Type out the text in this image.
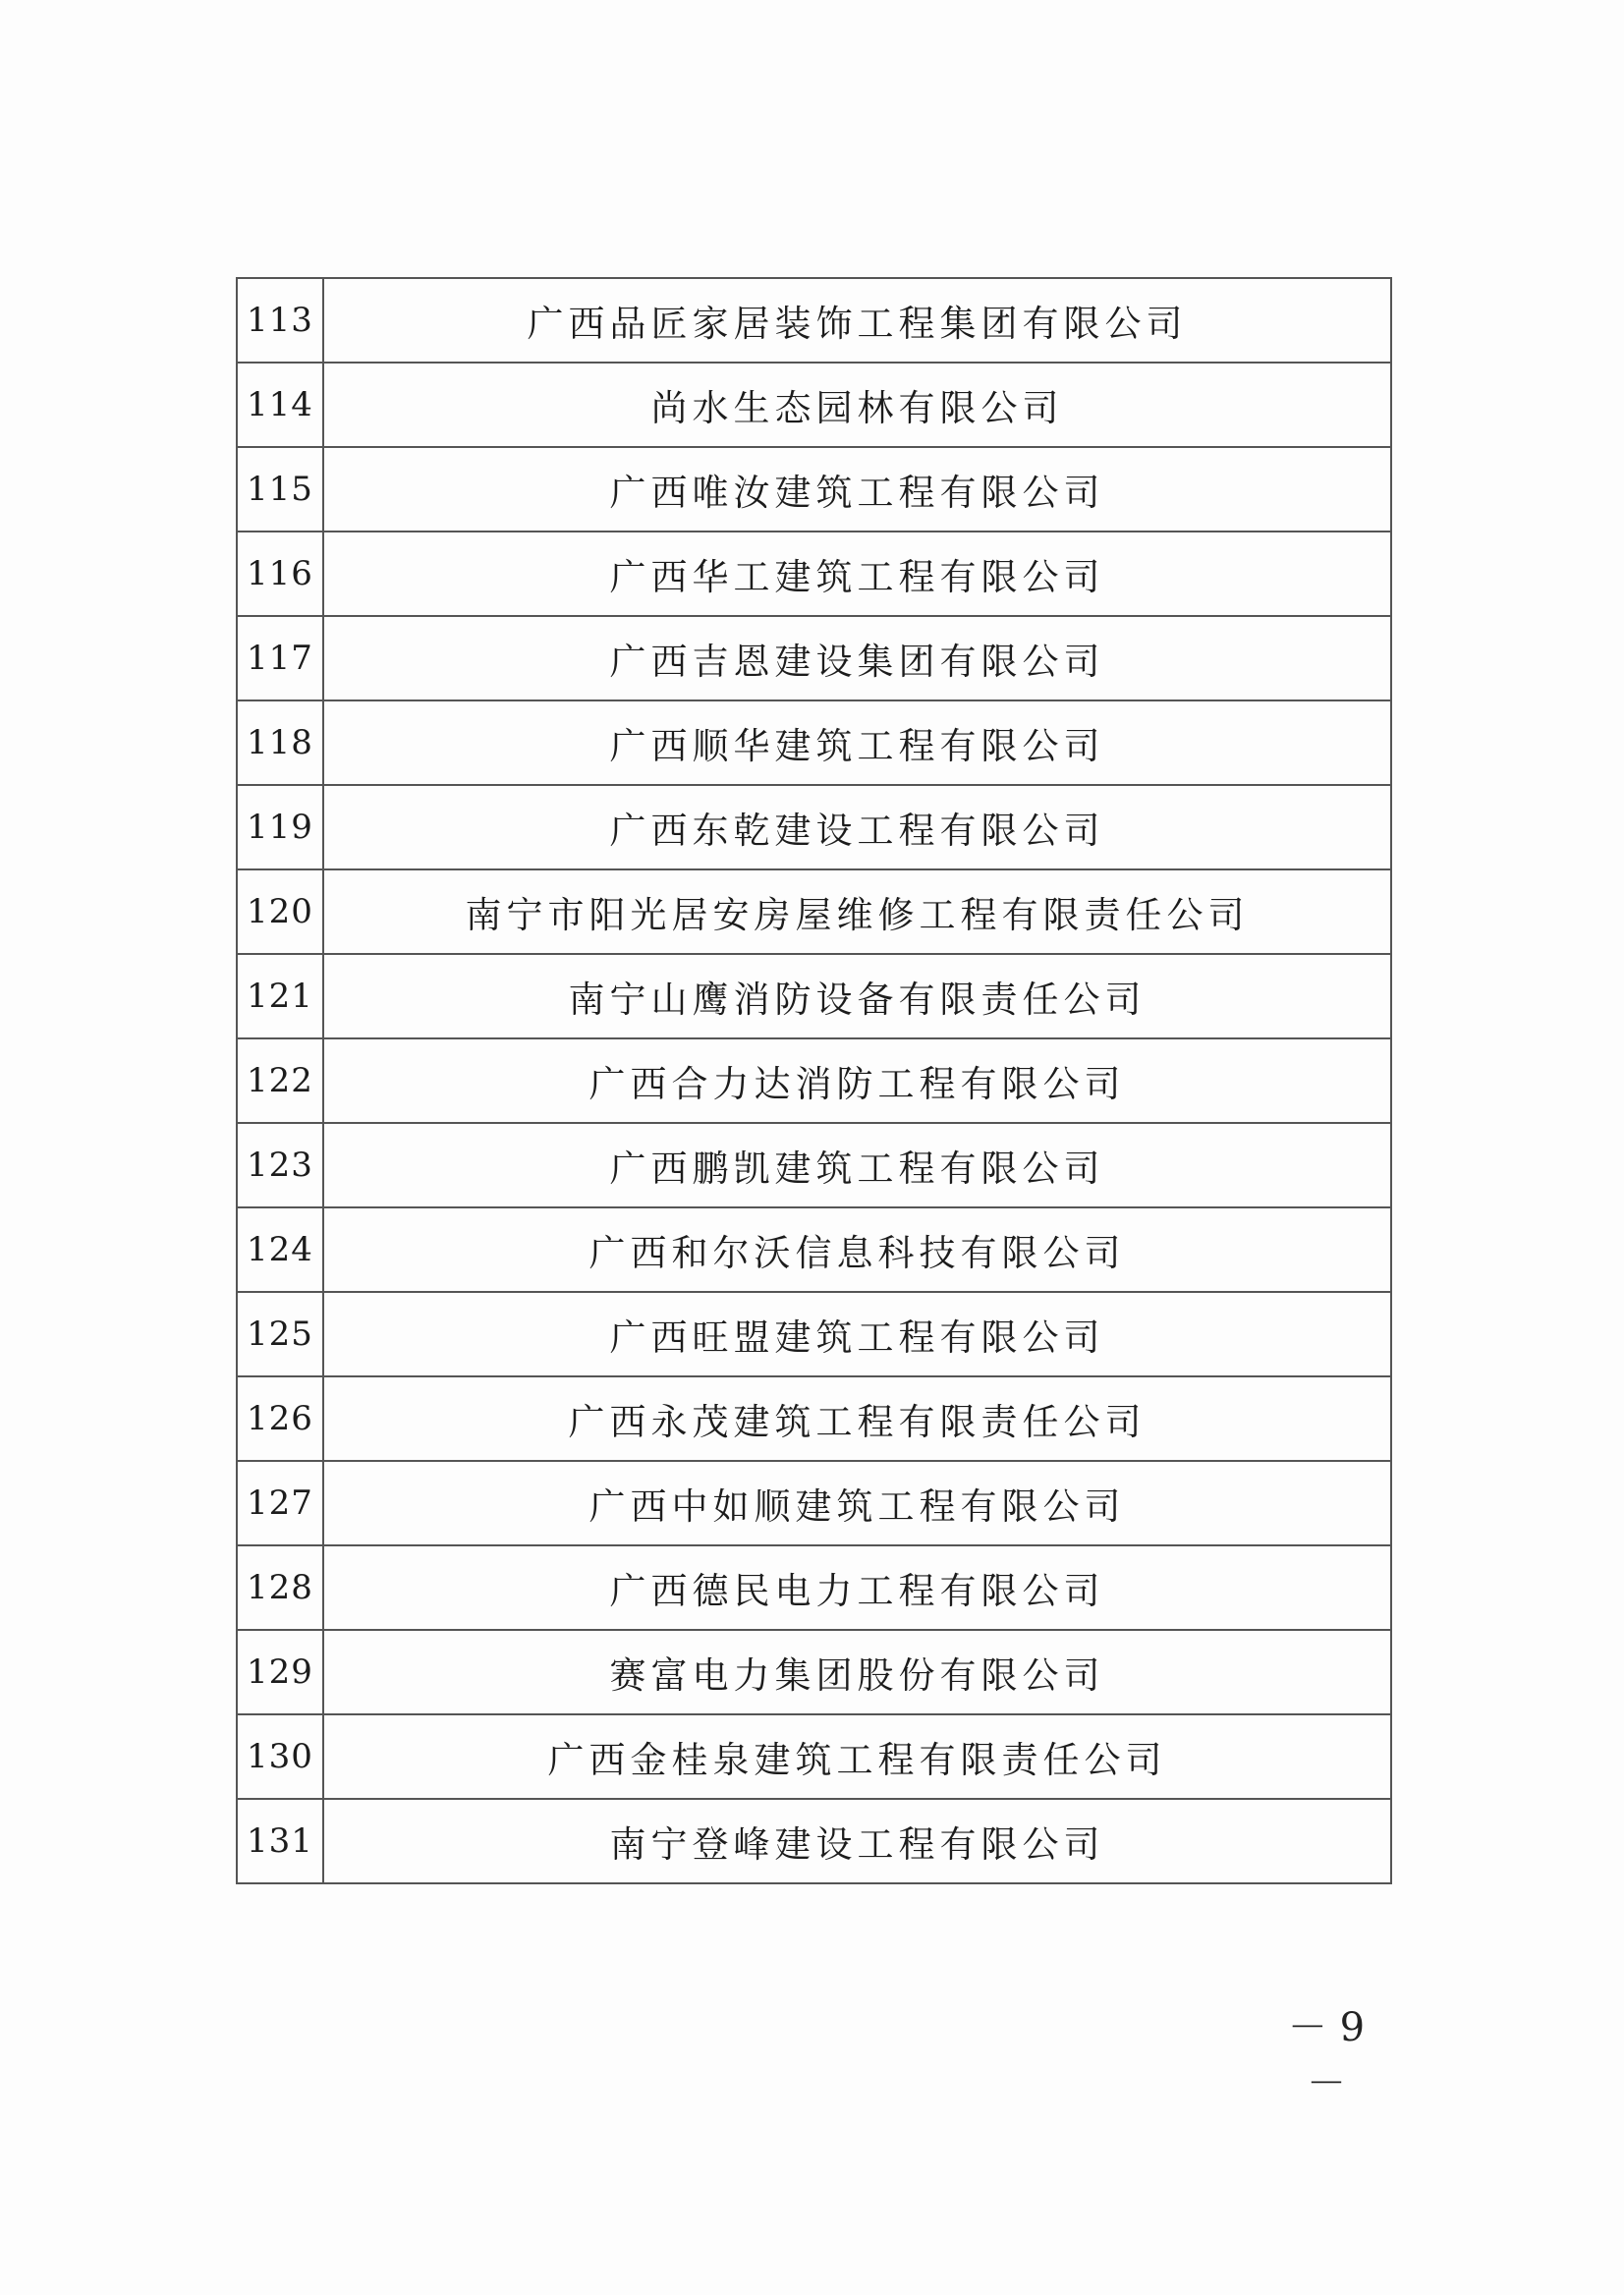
113	广西品匠家居装饰工程集团有限公司
114	尚水生态园林有限公司
115	广西唯汝建筑工程有限公司
116	广西华工建筑工程有限公司
117	广西吉恩建设集团有限公司
118	广西顺华建筑工程有限公司
119	广西东乾建设工程有限公司
120	南宁市阳光居安房屋维修工程有限责任公司
121	南宁山鹰消防设备有限责任公司
122	广西合力达消防工程有限公司
123	广西鹏凯建筑工程有限公司
124	广西和尔沃信息科技有限公司
125	广西旺盟建筑工程有限公司
126	广西永茂建筑工程有限责任公司
127	广西中如顺建筑工程有限公司
128	广西德民电力工程有限公司
129	赛富电力集团股份有限公司
130	广西金桂泉建筑工程有限责任公司
131	南宁登峰建设工程有限公司
－ 9 －
